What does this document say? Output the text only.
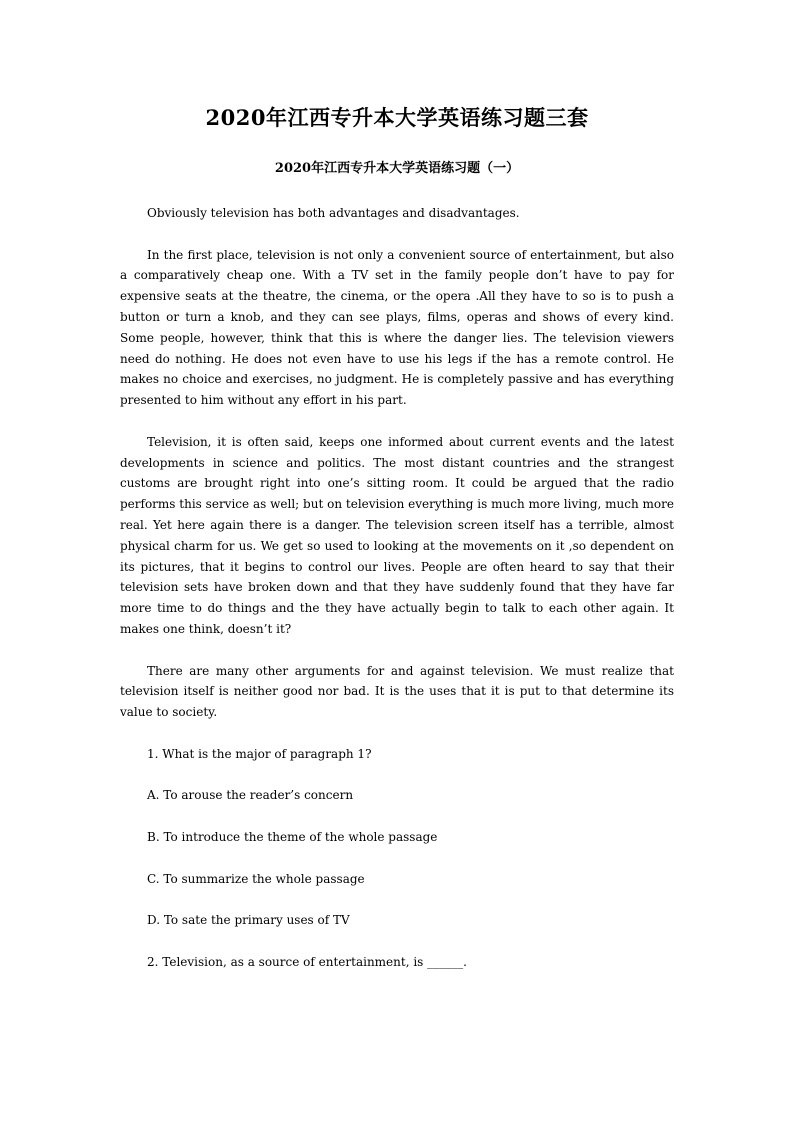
2020年江西专升本大学英语练习题三套
2020年江西专升本大学英语练习题（一）

Obviously television has both advantages and disadvantages.

In the first place, television is not only a convenient source of entertainment, but also a comparatively cheap one. With a TV set in the family people don’t have to pay for expensive seats at the theatre, the cinema, or the opera .All they have to so is to push a button or turn a knob, and they can see plays, films, operas and shows of every kind. Some people, however, think that this is where the danger lies. The television viewers need do nothing. He does not even have to use his legs if the has a remote control. He makes no choice and exercises, no judgment. He is completely passive and has everything presented to him without any effort in his part.

Television, it is often said, keeps one informed about current events and the latest developments in science and politics. The most distant countries and the strangest customs are brought right into one’s sitting room. It could be argued that the radio performs this service as well; but on television everything is much more living, much more real. Yet here again there is a danger. The television screen itself has a terrible, almost physical charm for us. We get so used to looking at the movements on it ,so dependent on its pictures, that it begins to control our lives. People are often heard to say that their television sets have broken down and that they have suddenly found that they have far more time to do things and the they have actually begin to talk to each other again. It makes one think, doesn’t it?

There are many other arguments for and against television. We must realize that television itself is neither good nor bad. It is the uses that it is put to that determine its value to society.

1. What is the major of paragraph 1?

A. To arouse the reader’s concern

B. To introduce the theme of the whole passage

C. To summarize the whole passage

D. To sate the primary uses of TV

2. Television, as a source of entertainment, is ______.
